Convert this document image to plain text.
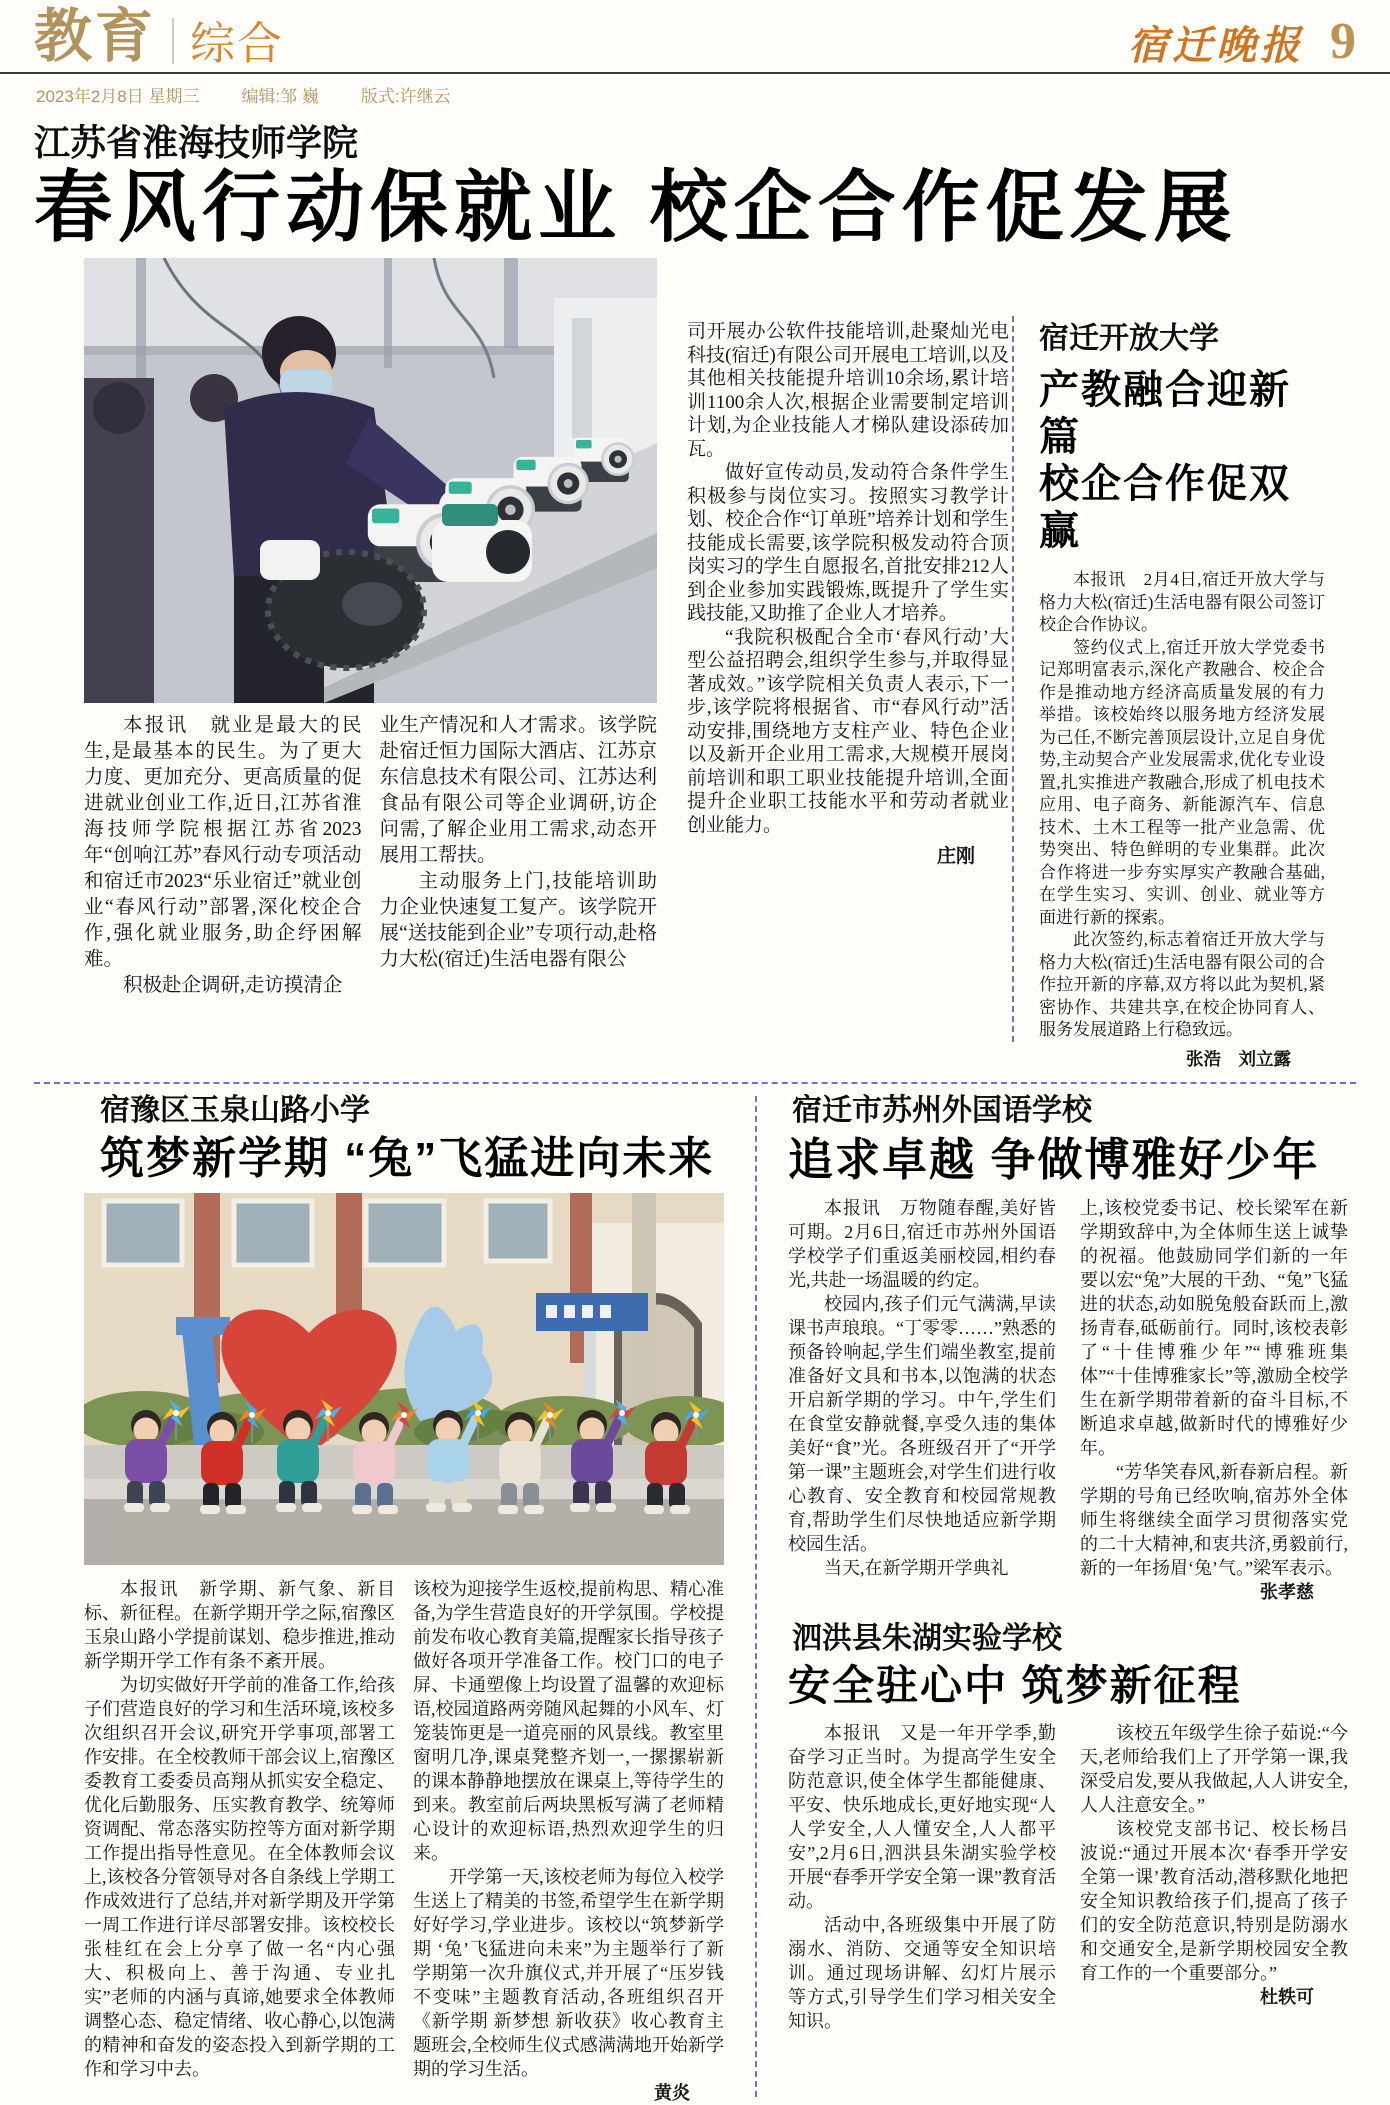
教育 综合	宿迁晚报 9
2023年2月8日 星期三 编辑:邹 巍 版式:许继云
江苏省淮海技师学院
春风行动保就业 校企合作促发展

本报讯　就业是最大的民生,是最基本的民生。为了更大力度、更加充分、更高质量的促进就业创业工作,近日,江苏省淮海技师学院根据江苏省2023年“创响江苏”春风行动专项活动和宿迁市2023“乐业宿迁”就业创业“春风行动”部署,深化校企合作,强化就业服务,助企纾困解难。

积极赴企调研,走访摸清企

业生产情况和人才需求。该学院赴宿迁恒力国际大酒店、江苏京东信息技术有限公司、江苏达利食品有限公司等企业调研,访企问需,了解企业用工需求,动态开展用工帮扶。

主动服务上门,技能培训助力企业快速复工复产。该学院开展“送技能到企业”专项行动,赴格力大松(宿迁)生活电器有限公

司开展办公软件技能培训,赴聚灿光电科技(宿迁)有限公司开展电工培训,以及其他相关技能提升培训10余场,累计培训1100余人次,根据企业需要制定培训计划,为企业技能人才梯队建设添砖加瓦。

做好宣传动员,发动符合条件学生积极参与岗位实习。按照实习教学计划、校企合作“订单班”培养计划和学生技能成长需要,该学院积极发动符合顶岗实习的学生自愿报名,首批安排212人到企业参加实践锻炼,既提升了学生实践技能,又助推了企业人才培养。

“我院积极配合全市‘春风行动’大型公益招聘会,组织学生参与,并取得显著成效。”该学院相关负责人表示,下一步,该学院将根据省、市“春风行动”活动安排,围绕地方支柱产业、特色企业以及新开企业用工需求,大规模开展岗前培训和职工职业技能提升培训,全面提升企业职工技能水平和劳动者就业创业能力。

庄刚

宿迁开放大学
产教融合迎新篇
校企合作促双赢

本报讯　2月4日,宿迁开放大学与格力大松(宿迁)生活电器有限公司签订校企合作协议。

签约仪式上,宿迁开放大学党委书记郑明富表示,深化产教融合、校企合作是推动地方经济高质量发展的有力举措。该校始终以服务地方经济发展为己任,不断完善顶层设计,立足自身优势,主动契合产业发展需求,优化专业设置,扎实推进产教融合,形成了机电技术应用、电子商务、新能源汽车、信息技术、土木工程等一批产业急需、优势突出、特色鲜明的专业集群。此次合作将进一步夯实厚实产教融合基础,在学生实习、实训、创业、就业等方面进行新的探索。

此次签约,标志着宿迁开放大学与格力大松(宿迁)生活电器有限公司的合作拉开新的序幕,双方将以此为契机,紧密协作、共建共享,在校企协同育人、服务发展道路上行稳致远。

张浩　刘立露

宿豫区玉泉山路小学
筑梦新学期 “兔”飞猛进向未来

本报讯　新学期、新气象、新目标、新征程。在新学期开学之际,宿豫区玉泉山路小学提前谋划、稳步推进,推动新学期开学工作有条不紊开展。

为切实做好开学前的准备工作,给孩子们营造良好的学习和生活环境,该校多次组织召开会议,研究开学事项,部署工作安排。在全校教师干部会议上,宿豫区委教育工委委员高翔从抓实安全稳定、优化后勤服务、压实教育教学、统筹师资调配、常态落实防控等方面对新学期工作提出指导性意见。在全体教师会议上,该校各分管领导对各自条线上学期工作成效进行了总结,并对新学期及开学第一周工作进行详尽部署安排。该校校长张桂红在会上分享了做一名“内心强大、积极向上、善于沟通、专业扎实”老师的内涵与真谛,她要求全体教师调整心态、稳定情绪、收心静心,以饱满的精神和奋发的姿态投入到新学期的工作和学习中去。

该校为迎接学生返校,提前构思、精心准备,为学生营造良好的开学氛围。学校提前发布收心教育美篇,提醒家长指导孩子做好各项开学准备工作。校门口的电子屏、卡通塑像上均设置了温馨的欢迎标语,校园道路两旁随风起舞的小风车、灯笼装饰更是一道亮丽的风景线。教室里窗明几净,课桌凳整齐划一,一摞摞崭新的课本静静地摆放在课桌上,等待学生的到来。教室前后两块黑板写满了老师精心设计的欢迎标语,热烈欢迎学生的归来。

开学第一天,该校老师为每位入校学生送上了精美的书签,希望学生在新学期好好学习,学业进步。该校以“筑梦新学期 ‘兔’飞猛进向未来”为主题举行了新学期第一次升旗仪式,并开展了“压岁钱不变味”主题教育活动,各班组织召开《新学期 新梦想 新收获》收心教育主题班会,全校师生仪式感满满地开始新学期的学习生活。

黄炎

宿迁市苏州外国语学校
追求卓越 争做博雅好少年

本报讯　万物随春醒,美好皆可期。2月6日,宿迁市苏州外国语学校学子们重返美丽校园,相约春光,共赴一场温暖的约定。

校园内,孩子们元气满满,早读课书声琅琅。“丁零零……”熟悉的预备铃响起,学生们端坐教室,提前准备好文具和书本,以饱满的状态开启新学期的学习。中午,学生们在食堂安静就餐,享受久违的集体美好“食”光。各班级召开了“开学第一课”主题班会,对学生们进行收心教育、安全教育和校园常规教育,帮助学生们尽快地适应新学期校园生活。

当天,在新学期开学典礼

上,该校党委书记、校长梁军在新学期致辞中,为全体师生送上诚挚的祝福。他鼓励同学们新的一年要以宏“兔”大展的干劲、“兔”飞猛进的状态,动如脱兔般奋跃而上,激扬青春,砥砺前行。同时,该校表彰了“十佳博雅少年”“博雅班集体”“十佳博雅家长”等,激励全校学生在新学期带着新的奋斗目标,不断追求卓越,做新时代的博雅好少年。

“芳华笑春风,新春新启程。新学期的号角已经吹响,宿苏外全体师生将继续全面学习贯彻落实党的二十大精神,和衷共济,勇毅前行,新的一年扬眉‘兔’气。”梁军表示。

张孝慈

泗洪县朱湖实验学校
安全驻心中 筑梦新征程

本报讯　又是一年开学季,勤奋学习正当时。为提高学生安全防范意识,使全体学生都能健康、平安、快乐地成长,更好地实现“人人学安全,人人懂安全,人人都平安”,2月6日,泗洪县朱湖实验学校开展“春季开学安全第一课”教育活动。

活动中,各班级集中开展了防溺水、消防、交通等安全知识培训。通过现场讲解、幻灯片展示等方式,引导学生们学习相关安全知识。

该校五年级学生徐子茹说:“今天,老师给我们上了开学第一课,我深受启发,要从我做起,人人讲安全,人人注意安全。”

该校党支部书记、校长杨吕波说:“通过开展本次‘春季开学安全第一课’教育活动,潜移默化地把安全知识教给孩子们,提高了孩子们的安全防范意识,特别是防溺水和交通安全,是新学期校园安全教育工作的一个重要部分。”

杜轶可
